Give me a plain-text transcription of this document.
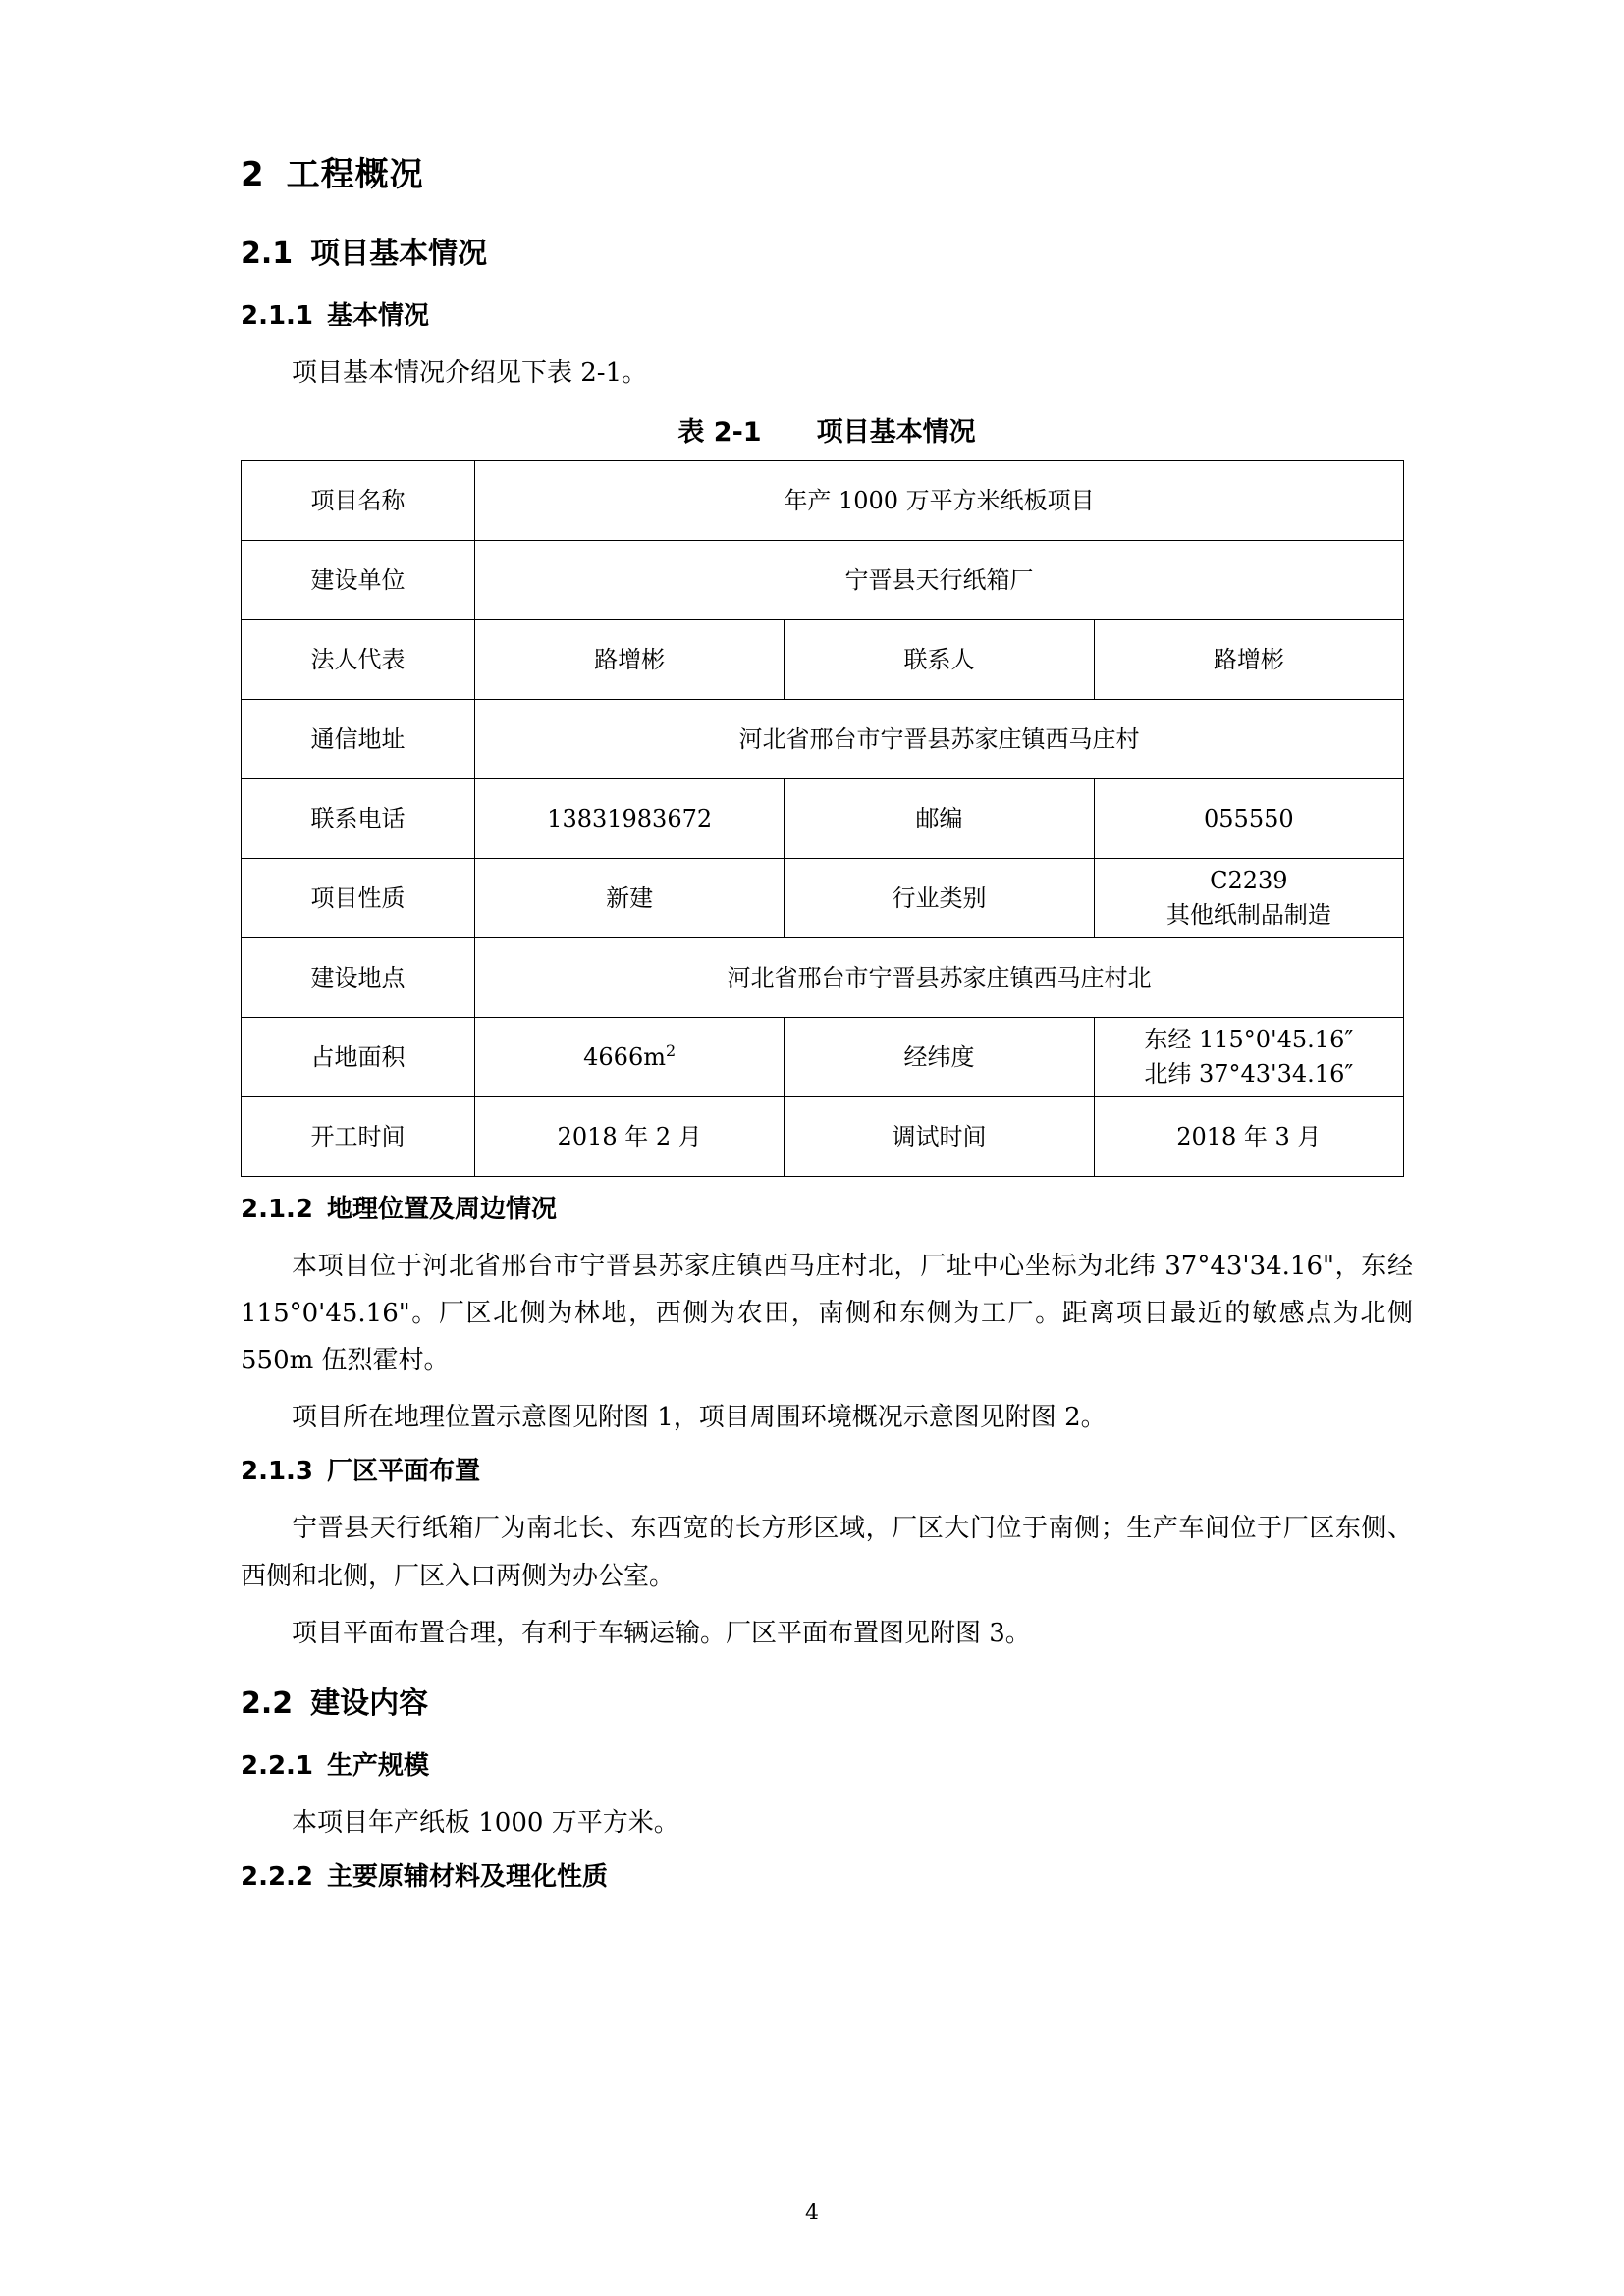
2 工程概况
2.1 项目基本情况
2.1.1 基本情况

项目基本情况介绍见下表 2-1。

表 2-1 项目基本情况
项目名称	年产 1000 万平方米纸板项目		
建设单位	宁晋县天行纸箱厂		
法人代表	路增彬	联系人	路增彬
通信地址	河北省邢台市宁晋县苏家庄镇西马庄村		
联系电话	13831983672	邮编	055550
项目性质	新建	行业类别	C2239
其他纸制品制造

建设地点	河北省邢台市宁晋县苏家庄镇西马庄村北		
占地面积	$4666m^2$	经纬度	东经 115°0'45.16″
北纬 37°43'34.16″

开工时间	2018 年 2 月	调试时间	2018 年 3 月
2.1.2 地理位置及周边情况

本项目位于河北省邢台市宁晋县苏家庄镇西马庄村北，厂址中心坐标为北纬 37°43'34.16"，东经 115°0'45.16"。厂区北侧为林地，西侧为农田，南侧和东侧为工厂。距离项目最近的敏感点为北侧 550m 伍烈霍村。

项目所在地理位置示意图见附图 1，项目周围环境概况示意图见附图 2。

2.1.3 厂区平面布置

宁晋县天行纸箱厂为南北长、东西宽的长方形区域，厂区大门位于南侧；生产车间位于厂区东侧、西侧和北侧，厂区入口两侧为办公室。

项目平面布置合理，有利于车辆运输。厂区平面布置图见附图 3。

2.2 建设内容
2.2.1 生产规模

本项目年产纸板 1000 万平方米。

2.2.2 主要原辅材料及理化性质
4
